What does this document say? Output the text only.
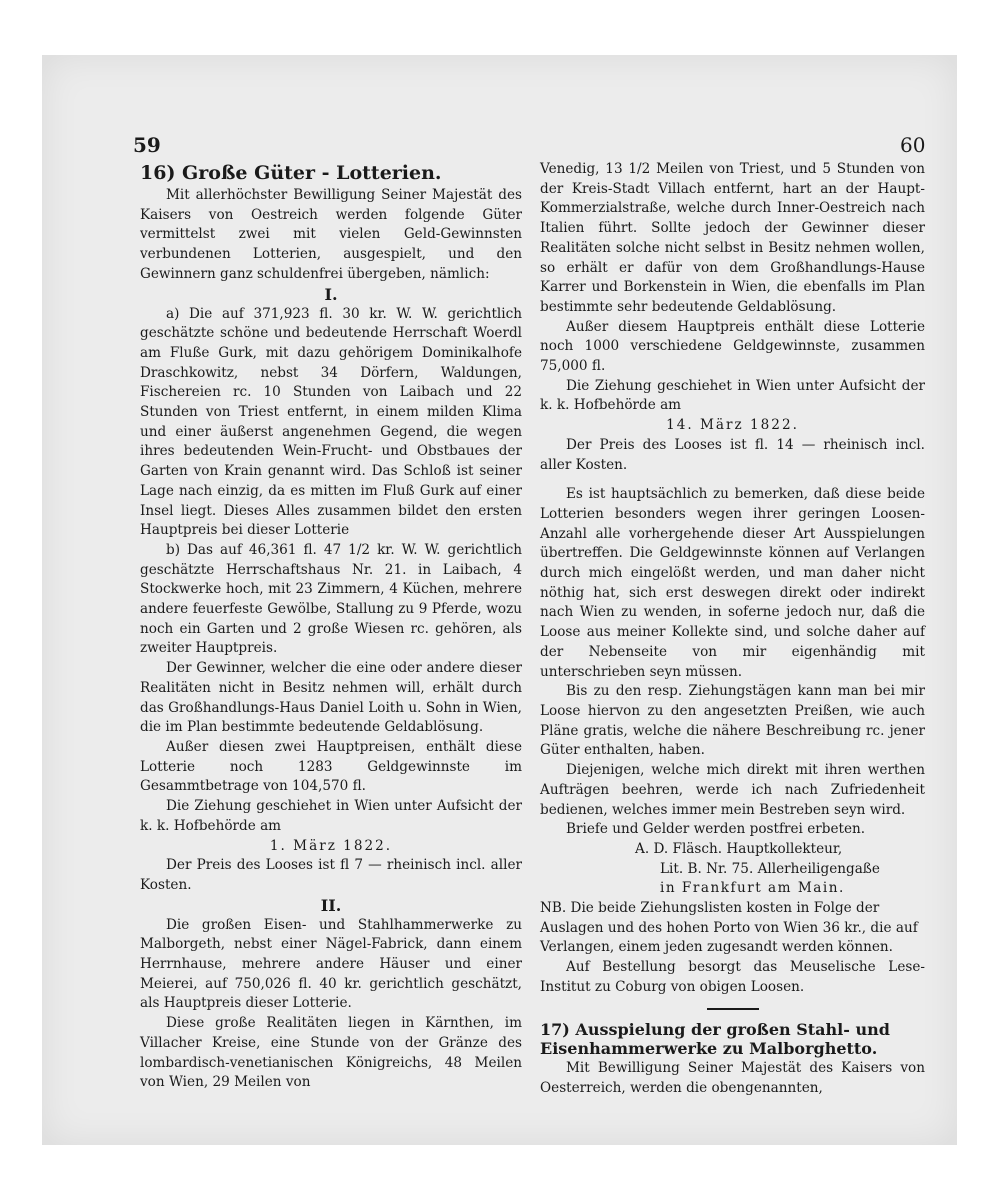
59	60

16) Große Güter - Lotterien.

Mit allerhöchster Bewilligung Seiner Majestät des Kaisers von Oestreich werden folgende Güter vermittelst zwei mit vielen Geld-Gewinnsten verbundenen Lotterien, ausgespielt, und den Gewinnern ganz schuldenfrei übergeben, nämlich:

I.

a) Die auf 371,923 fl. 30 kr. W. W. gerichtlich geschätzte schöne und bedeutende Herrschaft Woerdl am Fluße Gurk, mit dazu gehörigem Dominikalhofe Draschkowitz, nebst 34 Dörfern, Waldungen, Fischereien rc. 10 Stunden von Laibach und 22 Stunden von Triest entfernt, in einem milden Klima und einer äußerst angenehmen Gegend, die wegen ihres bedeutenden Wein-Frucht- und Obstbaues der Garten von Krain genannt wird. Das Schloß ist seiner Lage nach einzig, da es mitten im Fluß Gurk auf einer Insel liegt. Dieses Alles zusammen bildet den ersten Hauptpreis bei dieser Lotterie

b) Das auf 46,361 fl. 47 1/2 kr. W. W. gerichtlich geschätzte Herrschaftshaus Nr. 21. in Laibach, 4 Stockwerke hoch, mit 23 Zimmern, 4 Küchen, mehrere andere feuerfeste Gewölbe, Stallung zu 9 Pferde, wozu noch ein Garten und 2 große Wiesen rc. gehören, als zweiter Hauptpreis.

Der Gewinner, welcher die eine oder andere dieser Realitäten nicht in Besitz nehmen will, erhält durch das Großhandlungs-Haus Daniel Loith u. Sohn in Wien, die im Plan bestimmte bedeutende Geldablösung.

Außer diesen zwei Hauptpreisen, enthält diese Lotterie noch 1283 Geldgewinnste im Gesammtbetrage von 104,570 fl.

Die Ziehung geschiehet in Wien unter Aufsicht der k. k. Hofbehörde am

1. März 1822.

Der Preis des Looses ist fl 7 — rheinisch incl. aller Kosten.

II.

Die großen Eisen- und Stahlhammerwerke zu Malborgeth, nebst einer Nägel-Fabrick, dann einem Herrnhause, mehrere andere Häuser und einer Meierei, auf 750,026 fl. 40 kr. gerichtlich geschätzt, als Hauptpreis dieser Lotterie.

Diese große Realitäten liegen in Kärnthen, im Villacher Kreise, eine Stunde von der Gränze des lombardisch-venetianischen Königreichs, 48 Meilen von Wien, 29 Meilen von

Venedig, 13 1/2 Meilen von Triest, und 5 Stunden von der Kreis-Stadt Villach entfernt, hart an der Haupt-Kommerzialstraße, welche durch Inner-Oestreich nach Italien führt. Sollte jedoch der Gewinner dieser Realitäten solche nicht selbst in Besitz nehmen wollen, so erhält er dafür von dem Großhandlungs-Hause Karrer und Borkenstein in Wien, die ebenfalls im Plan bestimmte sehr bedeutende Geldablösung.

Außer diesem Hauptpreis enthält diese Lotterie noch 1000 verschiedene Geldgewinnste, zusammen 75,000 fl.

Die Ziehung geschiehet in Wien unter Aufsicht der k. k. Hofbehörde am

14. März 1822.

Der Preis des Looses ist fl. 14 — rheinisch incl. aller Kosten.

Es ist hauptsächlich zu bemerken, daß diese beide Lotterien besonders wegen ihrer geringen Loosen-Anzahl alle vorhergehende dieser Art Ausspielungen übertreffen. Die Geldgewinnste können auf Verlangen durch mich eingelößt werden, und man daher nicht nöthig hat, sich erst deswegen direkt oder indirekt nach Wien zu wenden, in soferne jedoch nur, daß die Loose aus meiner Kollekte sind, und solche daher auf der Nebenseite von mir eigenhändig mit unterschrieben seyn müssen.

Bis zu den resp. Ziehungstägen kann man bei mir Loose hiervon zu den angesetzten Preißen, wie auch Pläne gratis, welche die nähere Beschreibung rc. jener Güter enthalten, haben.

Diejenigen, welche mich direkt mit ihren werthen Aufträgen beehren, werde ich nach Zufriedenheit bedienen, welches immer mein Bestreben seyn wird.

Briefe und Gelder werden postfrei erbeten.

A. D. Fläsch. Hauptkollekteur,

Lit. B. Nr. 75. Allerheiligengaße

in Frankfurt am Main.

NB. Die beide Ziehungslisten kosten in Folge der Auslagen und des hohen Porto von Wien 36 kr., die auf Verlangen, einem jeden zugesandt werden können.

Auf Bestellung besorgt das Meuselische Lese-Institut zu Coburg von obigen Loosen.

17) Ausspielung der großen Stahl- und Eisenhammerwerke zu Malborghetto.

Mit Bewilligung Seiner Majestät des Kaisers von Oesterreich, werden die obengenannten,
